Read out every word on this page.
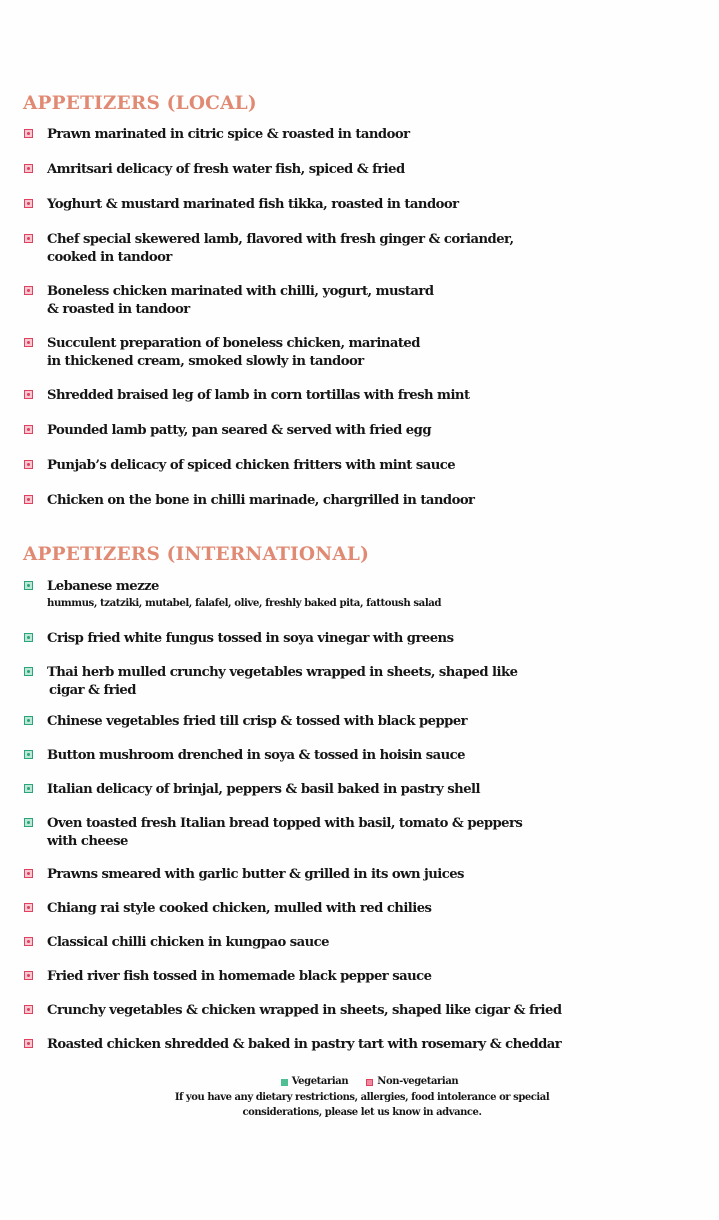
APPETIZERS (LOCAL)
Prawn marinated in citric spice & roasted in tandoor
Amritsari delicacy of fresh water fish, spiced & fried
Yoghurt & mustard marinated fish tikka, roasted in tandoor
Chef special skewered lamb, flavored with fresh ginger & coriander,
cooked in tandoor
Boneless chicken marinated with chilli, yogurt, mustard
& roasted in tandoor
Succulent preparation of boneless chicken, marinated
in thickened cream, smoked slowly in tandoor
Shredded braised leg of lamb in corn tortillas with fresh mint
Pounded lamb patty, pan seared & served with fried egg
Punjab’s delicacy of spiced chicken fritters with mint sauce
Chicken on the bone in chilli marinade, chargrilled in tandoor
APPETIZERS (INTERNATIONAL)
Lebanese mezze
hummus, tzatziki, mutabel, falafel, olive, freshly baked pita, fattoush salad
Crisp fried white fungus tossed in soya vinegar with greens
Thai herb mulled crunchy vegetables wrapped in sheets, shaped like
cigar & fried
Chinese vegetables fried till crisp & tossed with black pepper
Button mushroom drenched in soya & tossed in hoisin sauce
Italian delicacy of brinjal, peppers & basil baked in pastry shell
Oven toasted fresh Italian bread topped with basil, tomato & peppers
with cheese
Prawns smeared with garlic butter & grilled in its own juices
Chiang rai style cooked chicken, mulled with red chilies
Classical chilli chicken in kungpao sauce
Fried river fish tossed in homemade black pepper sauce
Crunchy vegetables & chicken wrapped in sheets, shaped like cigar & fried
Roasted chicken shredded & baked in pastry tart with rosemary & cheddar
Vegetarian	Non-vegetarian
If you have any dietary restrictions, allergies, food intolerance or special
considerations, please let us know in advance.
